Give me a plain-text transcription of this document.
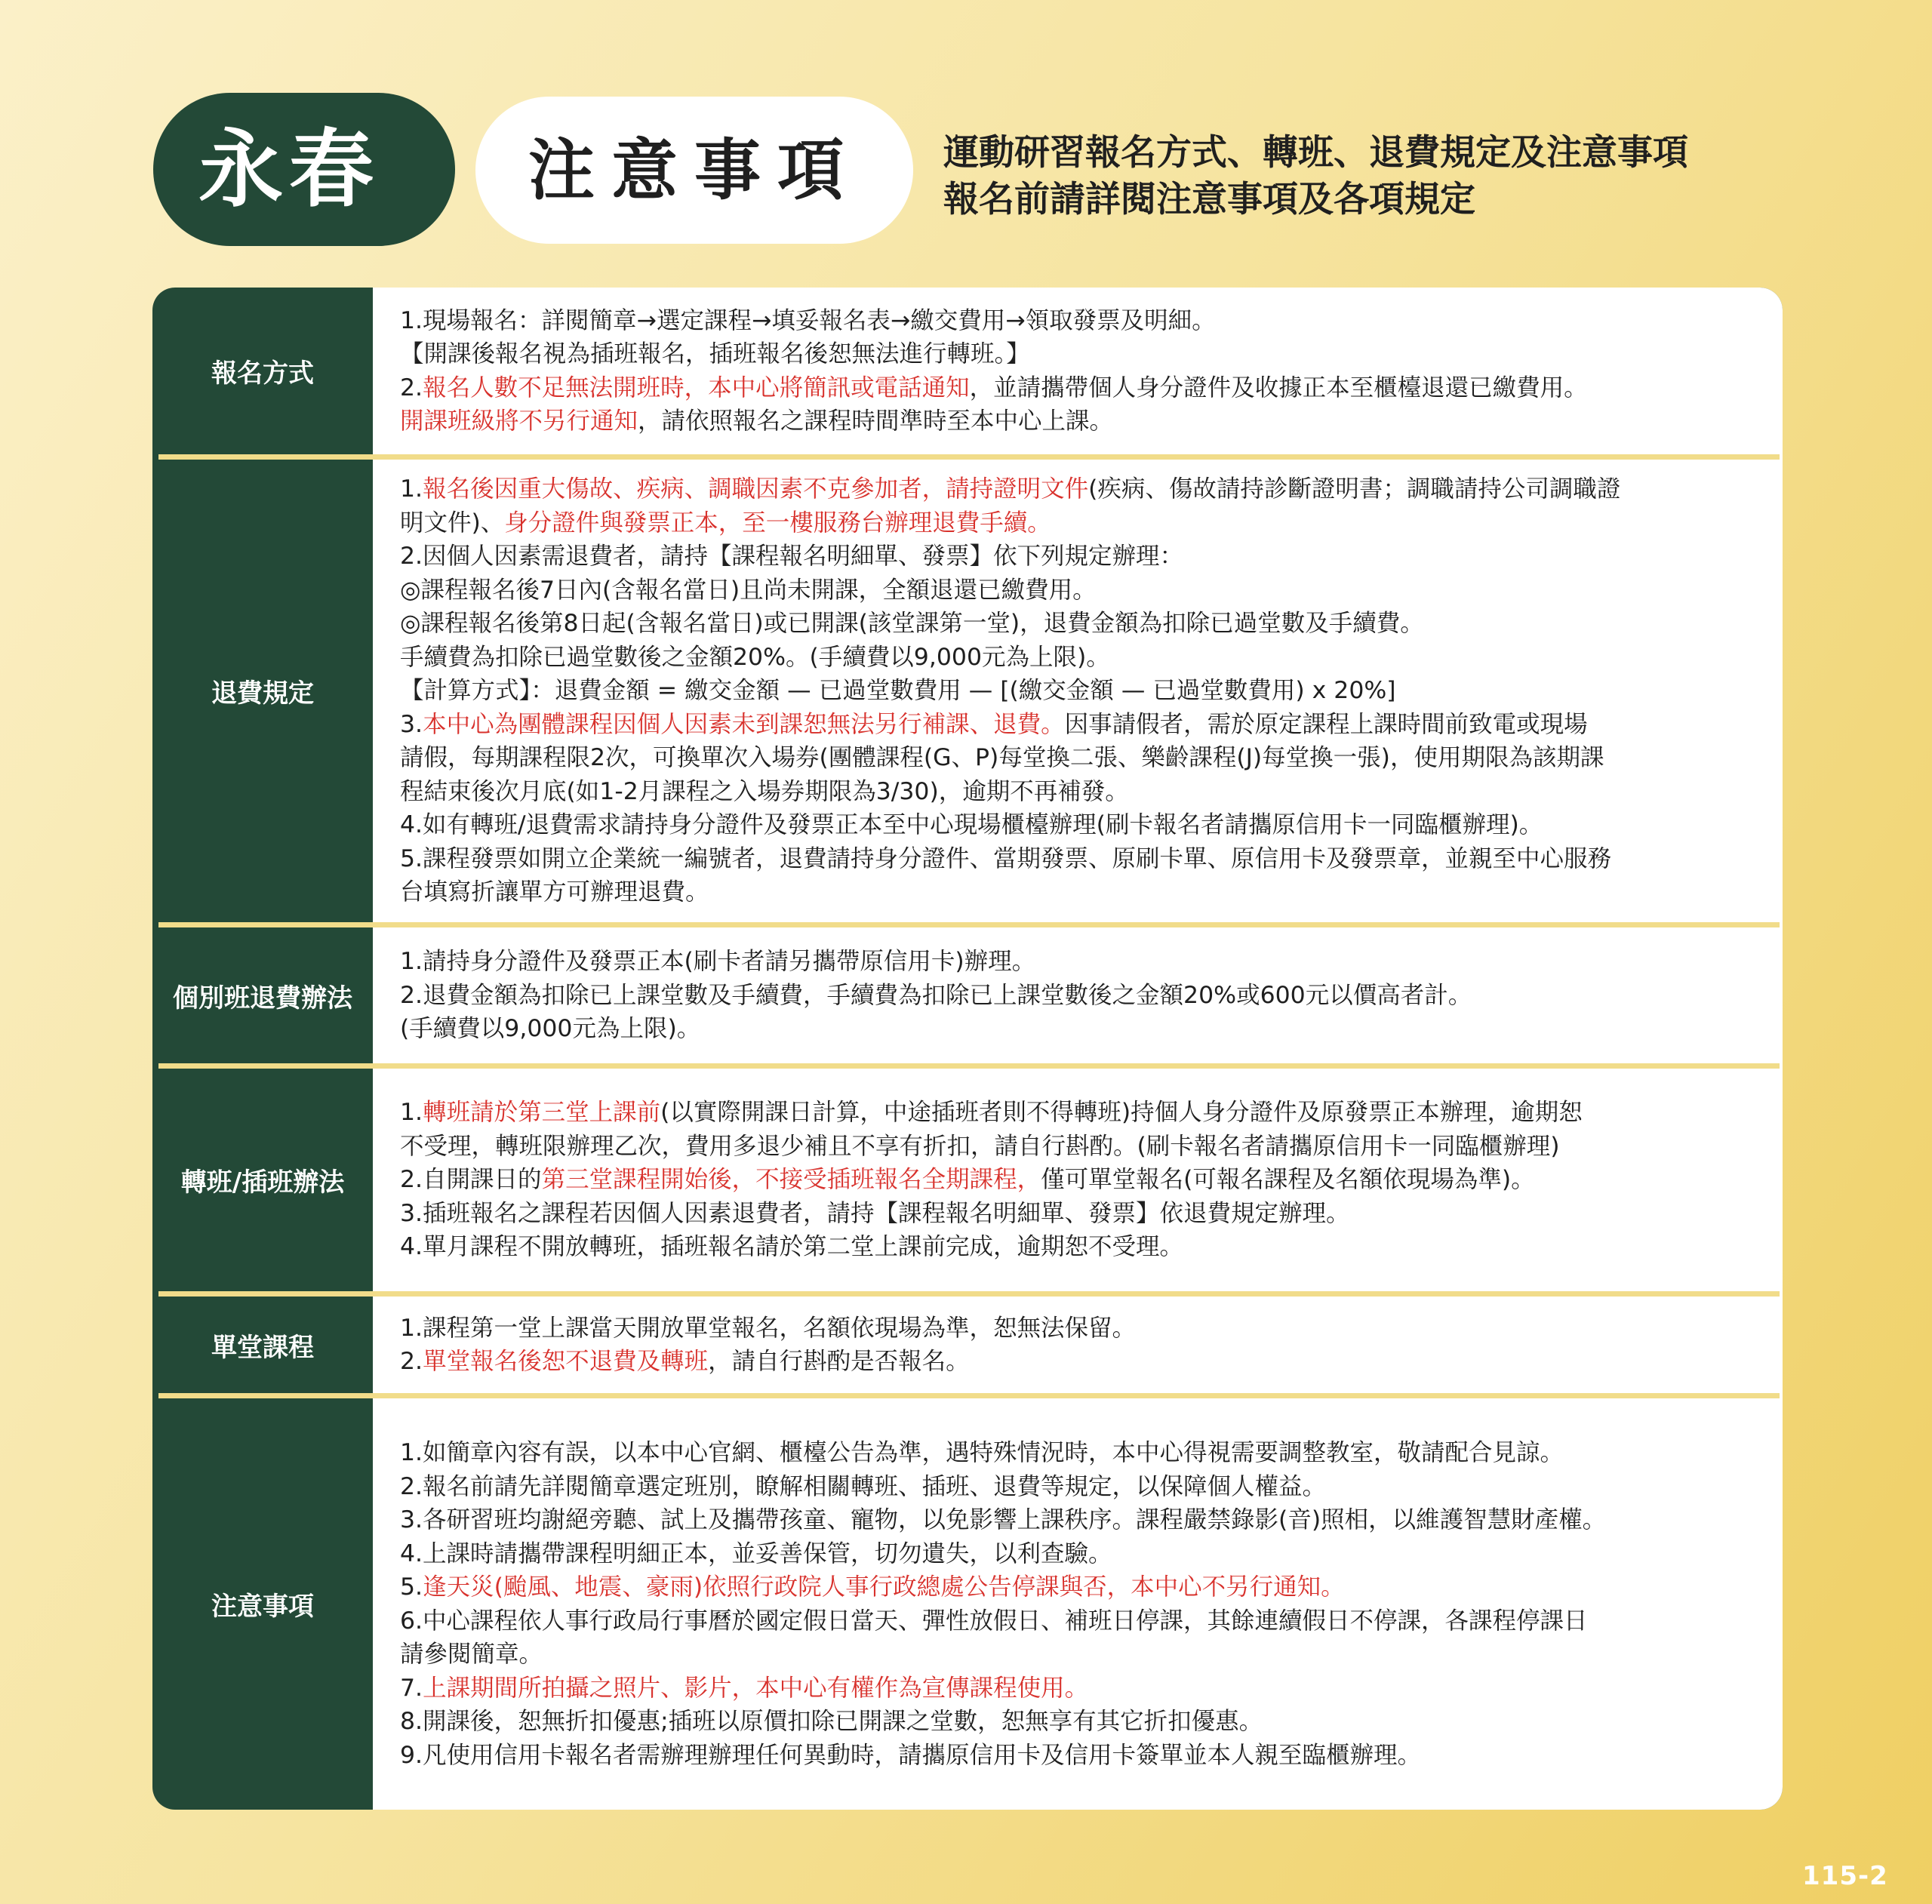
永春 注意事項 運動研習報名方式、轉班、退費規定及注意事項
報名前請詳閱注意事項及各項規定
報名方式
1.現場報名：詳閱簡章→選定課程→填妥報名表→繳交費用→領取發票及明細。
【開課後報名視為插班報名，插班報名後恕無法進行轉班。】
2.報名人數不足無法開班時，本中心將簡訊或電話通知，並請攜帶個人身分證件及收據正本至櫃檯退還已繳費用。
開課班級將不另行通知，請依照報名之課程時間準時至本中心上課。
退費規定
1.報名後因重大傷故、疾病、調職因素不克參加者，請持證明文件(疾病、傷故請持診斷證明書；調職請持公司調職證
明文件)、身分證件與發票正本，至一樓服務台辦理退費手續。
2.因個人因素需退費者，請持【課程報名明細單、發票】依下列規定辦理：
◎課程報名後7日內(含報名當日)且尚未開課，全額退還已繳費用。
◎課程報名後第8日起(含報名當日)或已開課(該堂課第一堂)，退費金額為扣除已過堂數及手續費。
手續費為扣除已過堂數後之金額20%。(手續費以9,000元為上限)。
【計算方式】：退費金額 = 繳交金額 — 已過堂數費用 — [(繳交金額 — 已過堂數費用) x 20%]
3.本中心為團體課程因個人因素未到課恕無法另行補課、退費。因事請假者，需於原定課程上課時間前致電或現場
請假，每期課程限2次，可換單次入場券(團體課程(G、P)每堂換二張、樂齡課程(J)每堂換一張)，使用期限為該期課
程結束後次月底(如1-2月課程之入場券期限為3/30)，逾期不再補發。
4.如有轉班/退費需求請持身分證件及發票正本至中心現場櫃檯辦理(刷卡報名者請攜原信用卡一同臨櫃辦理)。
5.課程發票如開立企業統一編號者，退費請持身分證件、當期發票、原刷卡單、原信用卡及發票章，並親至中心服務
台填寫折讓單方可辦理退費。
個別班退費辦法
1.請持身分證件及發票正本(刷卡者請另攜帶原信用卡)辦理。
2.退費金額為扣除已上課堂數及手續費，手續費為扣除已上課堂數後之金額20%或600元以價高者計。
(手續費以9,000元為上限)。
轉班/插班辦法
1.轉班請於第三堂上課前(以實際開課日計算，中途插班者則不得轉班)持個人身分證件及原發票正本辦理，逾期恕
不受理，轉班限辦理乙次，費用多退少補且不享有折扣，請自行斟酌。(刷卡報名者請攜原信用卡一同臨櫃辦理)
2.自開課日的第三堂課程開始後，不接受插班報名全期課程，僅可單堂報名(可報名課程及名額依現場為準)。
3.插班報名之課程若因個人因素退費者，請持【課程報名明細單、發票】依退費規定辦理。
4.單月課程不開放轉班，插班報名請於第二堂上課前完成，逾期恕不受理。
單堂課程
1.課程第一堂上課當天開放單堂報名，名額依現場為準，恕無法保留。
2.單堂報名後恕不退費及轉班，請自行斟酌是否報名。
注意事項
1.如簡章內容有誤，以本中心官網、櫃檯公告為準，遇特殊情況時，本中心得視需要調整教室，敬請配合見諒。
2.報名前請先詳閱簡章選定班別，瞭解相關轉班、插班、退費等規定，以保障個人權益。
3.各研習班均謝絕旁聽、試上及攜帶孩童、寵物，以免影響上課秩序。課程嚴禁錄影(音)照相，以維護智慧財產權。
4.上課時請攜帶課程明細正本，並妥善保管，切勿遺失，以利查驗。
5.逢天災(颱風、地震、豪雨)依照行政院人事行政總處公告停課與否，本中心不另行通知。
6.中心課程依人事行政局行事曆於國定假日當天、彈性放假日、補班日停課，其餘連續假日不停課，各課程停課日
請參閱簡章。
7.上課期間所拍攝之照片、影片，本中心有權作為宣傳課程使用。
8.開課後，恕無折扣優惠;插班以原價扣除已開課之堂數，恕無享有其它折扣優惠。
9.凡使用信用卡報名者需辦理辦理任何異動時，請攜原信用卡及信用卡簽單並本人親至臨櫃辦理。
115-2
